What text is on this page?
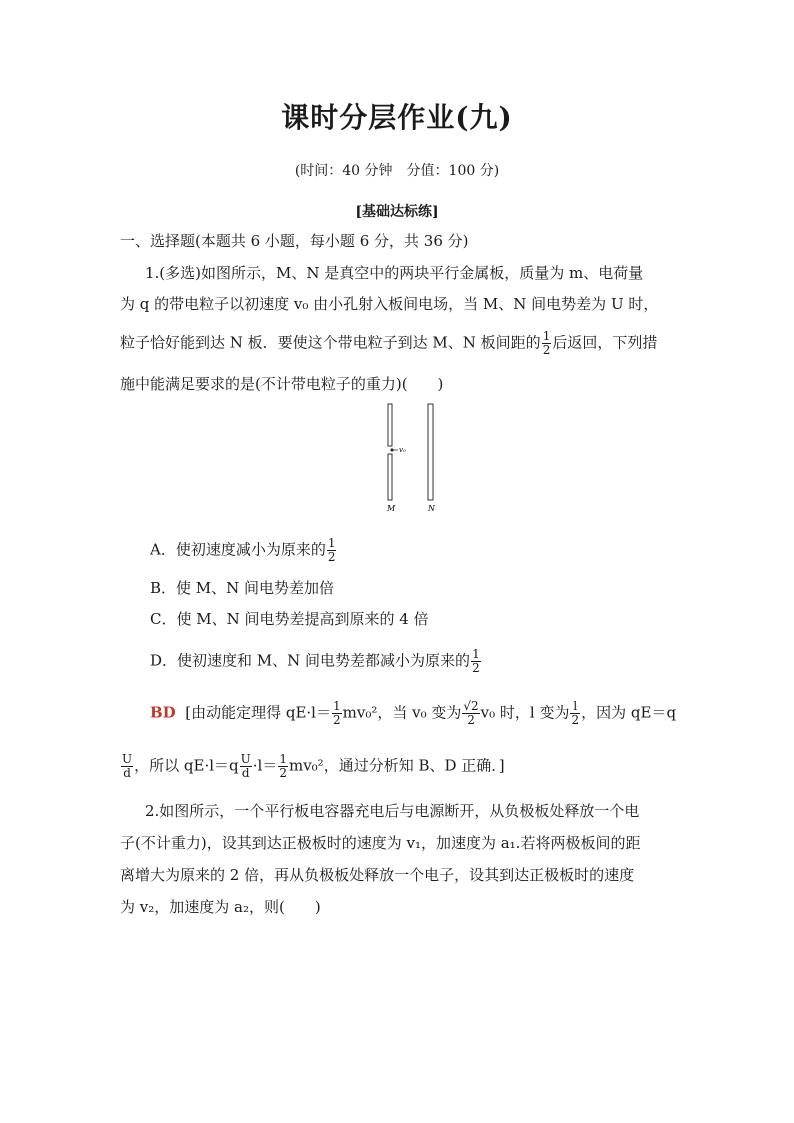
课时分层作业(九)
(时间：40 分钟　分值：100 分)
[基础达标练]
一、选择题(本题共 6 小题，每小题 6 分，共 36 分)
1.(多选)如图所示，M、N 是真空中的两块平行金属板，质量为 m、电荷量
为 q 的带电粒子以初速度 v₀ 由小孔射入板间电场，当 M、N 间电势差为 U 时，
粒子恰好能到达 N 板．要使这个带电粒子到达 M、N 板间距的 $\frac{1}{2}$ 后返回，下列措
施中能满足要求的是(不计带电粒子的重力)(　　)
v₀
M	N
A．使初速度减小为原来的 $\frac{1}{2}$
B．使 M、N 间电势差加倍
C．使 M、N 间电势差提高到原来的 4 倍
D．使初速度和 M、N 间电势差都减小为原来的 $\frac{1}{2}$
BD [由动能定理得 $qE\cdot l= \frac{1}{2} mv_0^2$，当 v₀ 变为 $\frac{√2}{2} v_0$ 时，l 变为 $\frac{l}{2}$ ，因为 qE＝q
$\frac{U}{d}$ ，所以 $qE\cdot l=q \frac{U}{d} \cdot l= \frac{1}{2} mv_0^2$，通过分析知 B、D 正确．]
2.如图所示，一个平行板电容器充电后与电源断开，从负极板处释放一个电
子(不计重力)，设其到达正极板时的速度为 v₁，加速度为 a₁.若将两极板间的距
离增大为原来的 2 倍，再从负极板处释放一个电子，设其到达正极板时的速度
为 v₂，加速度为 a₂，则(　　)
